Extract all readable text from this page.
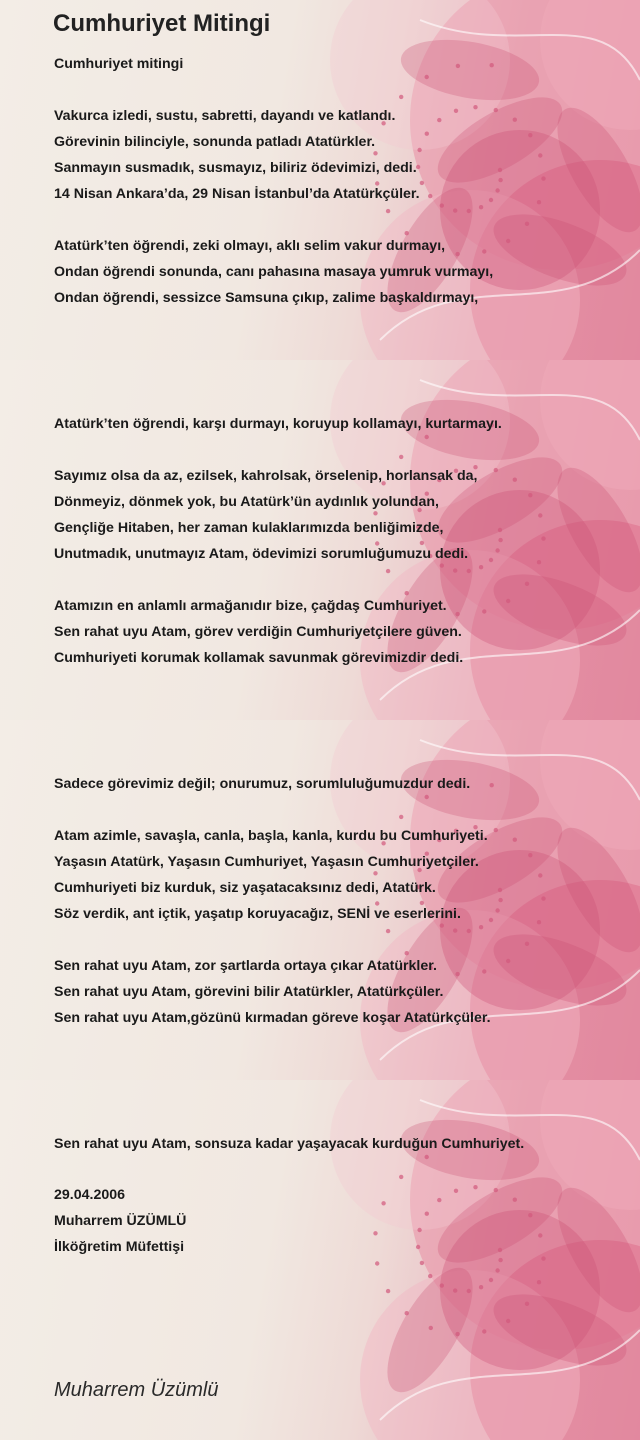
Cumhuriyet Mitingi
Cumhuriyet mitingi
Vakurca izledi, sustu, sabretti, dayandı ve katlandı.
Görevinin bilinciyle, sonunda patladı Atatürkler.
Sanmayın susmadık, susmayız, biliriz ödevimizi, dedi.
14 Nisan Ankara’da, 29 Nisan İstanbul’da Atatürkçüler.
Atatürk’ten öğrendi, zeki olmayı, aklı selim vakur durmayı,
Ondan öğrendi sonunda, canı pahasına masaya yumruk vurmayı,
Ondan öğrendi, sessizce Samsuna çıkıp, zalime başkaldırmayı,
Atatürk’ten öğrendi, karşı durmayı, koruyup kollamayı, kurtarmayı.
Sayımız olsa da az, ezilsek, kahrolsak, örselenip, horlansak da,
Dönmeyiz, dönmek yok, bu Atatürk’ün aydınlık yolundan,
Gençliğe Hitaben, her zaman kulaklarımızda benliğimizde,
Unutmadık, unutmayız Atam, ödevimizi sorumluğumuzu dedi.
Atamızın en anlamlı armağanıdır bize, çağdaş Cumhuriyet.
Sen rahat uyu Atam, görev verdiğin Cumhuriyetçilere güven.
Cumhuriyeti korumak kollamak savunmak görevimizdir dedi.
Sadece görevimiz değil; onurumuz, sorumluluğumuzdur dedi.
Atam azimle, savaşla, canla, başla, kanla, kurdu bu Cumhuriyeti.
Yaşasın Atatürk, Yaşasın Cumhuriyet, Yaşasın Cumhuriyetçiler.
Cumhuriyeti biz kurduk, siz yaşatacaksınız dedi, Atatürk.
Söz verdik, ant içtik, yaşatıp koruyacağız, SENİ ve eserlerini.
Sen rahat uyu Atam, zor şartlarda ortaya çıkar Atatürkler.
Sen rahat uyu Atam, görevini bilir Atatürkler, Atatürkçüler.
Sen rahat uyu Atam,gözünü kırmadan göreve koşar Atatürkçüler.
Sen rahat uyu Atam, sonsuza kadar yaşayacak kurduğun Cumhuriyet.
29.04.2006
Muharrem ÜZÜMLÜ
İlköğretim Müfettişi
Muharrem Üzümlü
